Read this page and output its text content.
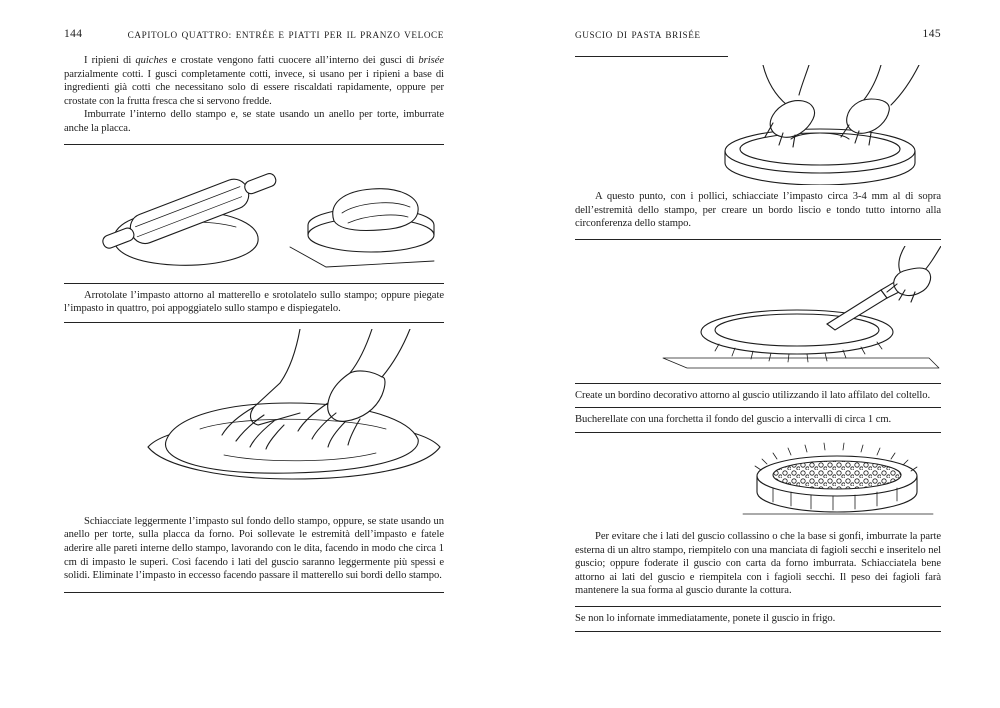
144	CAPITOLO QUATTRO: ENTRÉE E PIATTI PER IL PRANZO VELOCE

I ripieni di quiches e crostate vengono fatti cuocere all’interno dei gusci di brisée parzialmente cotti. I gusci completamente cotti, invece, si usano per i ripieni a base di ingredienti già cotti che necessitano solo di essere riscaldati rapidamente, oppure per crostate con la frutta fresca che si servono fredde.

Imburrate l’interno dello stampo e, se state usando un anello per torte, imburrate anche la placca.

Arrotolate l’impasto attorno al matterello e srotolatelo sullo stampo; oppure piegate l’impasto in quattro, poi appoggiatelo sullo stampo e dispiegatelo.

Schiacciate leggermente l’impasto sul fondo dello stampo, oppure, se state usando un anello per torte, sulla placca da forno. Poi sollevate le estremità dell’impasto e fatele aderire alle pareti interne dello stampo, lavorando con le dita, facendo in modo che circa 1 cm di impasto le superi. Così facendo i lati del guscio saranno leggermente più spessi e solidi. Eliminate l’impasto in eccesso facendo passare il matterello sui bordi dello stampo.

GUSCIO DI PASTA BRISÉE	145

A questo punto, con i pollici, schiacciate l’impasto circa 3-4 mm al di sopra dell’estremità dello stampo, per creare un bordo liscio e tondo tutto intorno alla circonferenza dello stampo.

Create un bordino decorativo attorno al guscio utilizzando il lato affilato del coltello.

Bucherellate con una forchetta il fondo del guscio a intervalli di circa 1 cm.

Per evitare che i lati del guscio collassino o che la base si gonfi, imburrate la parte esterna di un altro stampo, riempitelo con una manciata di fagioli secchi e inseritelo nel guscio; oppure foderate il guscio con carta da forno imburrata. Schiacciatela bene attorno ai lati del guscio e riempitela con i fagioli secchi. Il peso dei fagioli farà mantenere la sua forma al guscio durante la cottura.

Se non lo infornate immediatamente, ponete il guscio in frigo.
